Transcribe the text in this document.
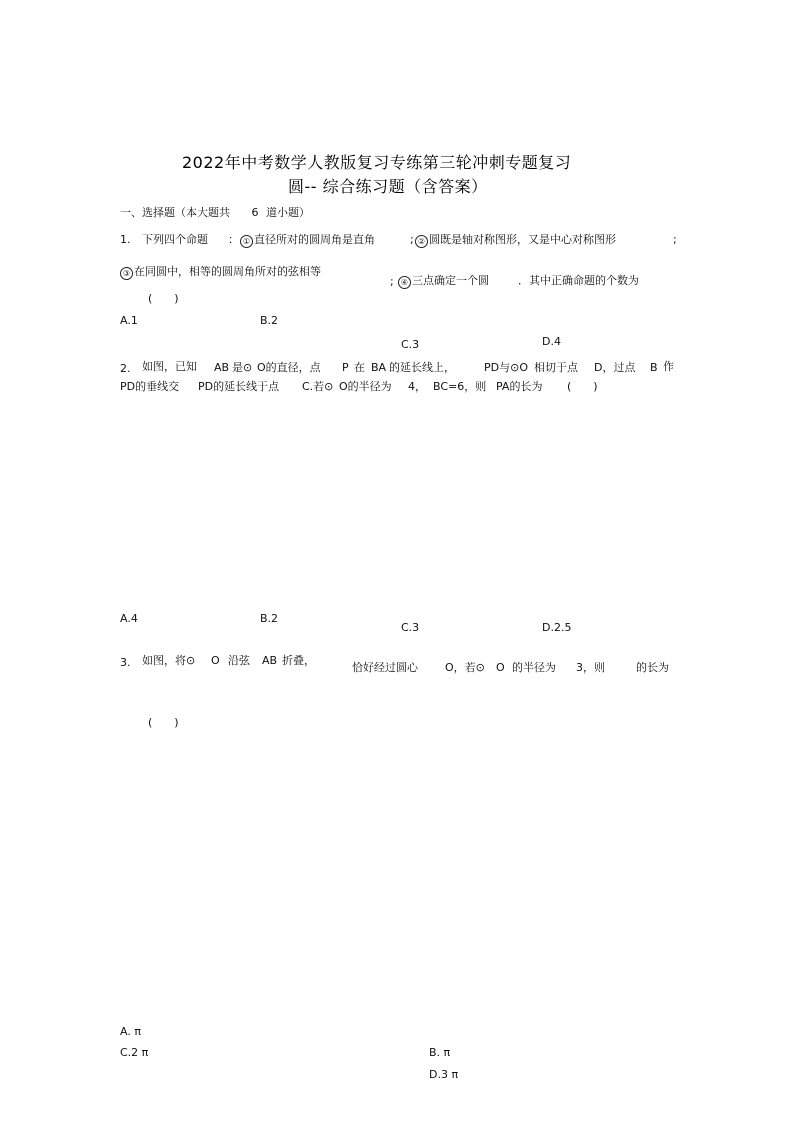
2022年中考数学人教版复习专练第三轮冲刺专题复习
圆-- 综合练习题（含答案）
一、选择题（本大题共 6 道小题）
1. 下列四个命题 ： ① 直径所对的圆周角是直角	; ② 圆既是轴对称图形，又是中心对称图形	;
③ 在同圆中，相等的圆周角所对的弦相等
; ④ 三点确定一个圆	．其中正确命题的个数为
(　　)
A.1	B.2
C.3	D.4
2. 如图，已知 AB 是⊙ O的直径，点 P 在 BA 的延长线上，	PD与⊙O 相切于点 D，过点 B 作
PD的垂线交 PD的延长线于点 C.若⊙ O的半径为 4， BC=6，则 PA的长为 (　　)
A.4	B.2
C.3	D.2.5
3. 如图，将⊙ O 沿弦 AB 折叠，
恰好经过圆心 O，若⊙ O 的半径为 3，则	的长为
(　　)
A. π
C.2 π	B. π
D.3 π
